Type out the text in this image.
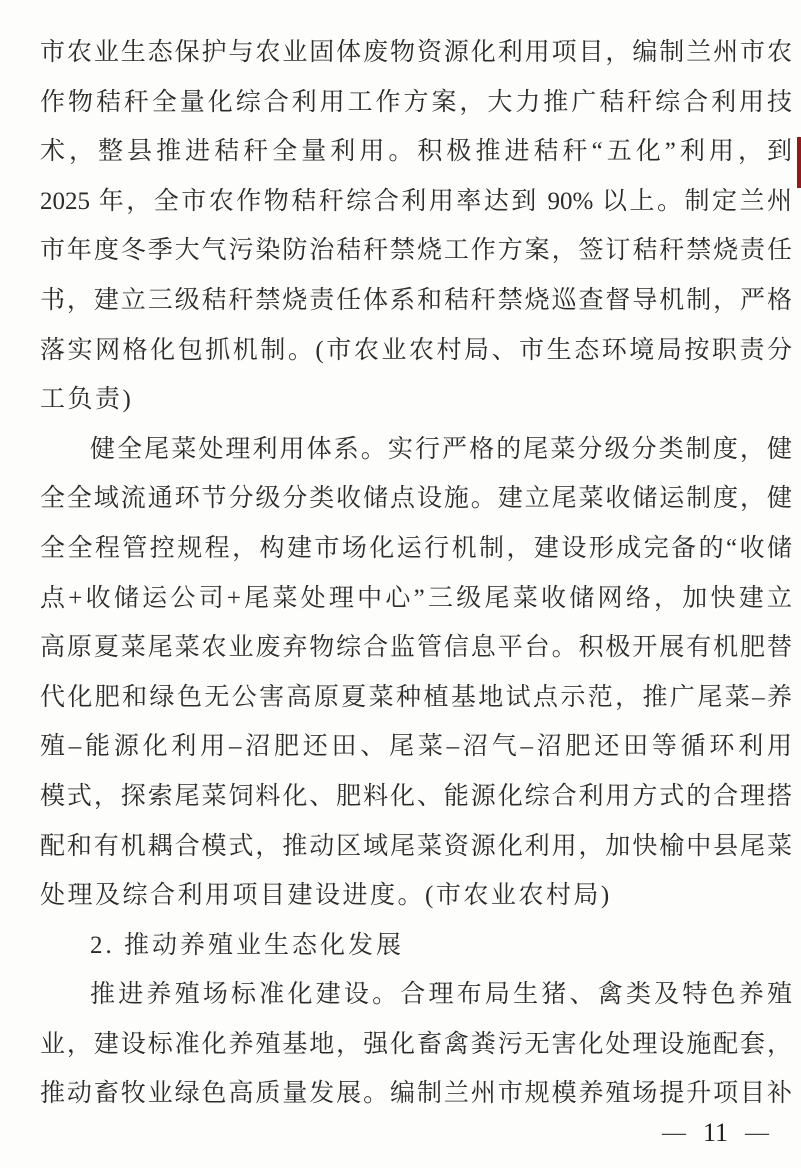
市农业生态保护与农业固体废物资源化利用项目，编制兰州市农
作物秸秆全量化综合利用工作方案，大力推广秸秆综合利用技
术，整县推进秸秆全量利用。积极推进秸秆“五化”利用，到
2025 年，全市农作物秸秆综合利用率达到 90% 以上。制定兰州
市年度冬季大气污染防治秸秆禁烧工作方案，签订秸秆禁烧责任
书，建立三级秸秆禁烧责任体系和秸秆禁烧巡查督导机制，严格
落实网格化包抓机制。(市农业农村局、市生态环境局按职责分
工负责)
健全尾菜处理利用体系。实行严格的尾菜分级分类制度，健
全全域流通环节分级分类收储点设施。建立尾菜收储运制度，健
全全程管控规程，构建市场化运行机制，建设形成完备的“收储
点+收储运公司+尾菜处理中心”三级尾菜收储网络，加快建立
高原夏菜尾菜农业废弃物综合监管信息平台。积极开展有机肥替
代化肥和绿色无公害高原夏菜种植基地试点示范，推广尾菜–养
殖–能源化利用–沼肥还田、尾菜–沼气–沼肥还田等循环利用
模式，探索尾菜饲料化、肥料化、能源化综合利用方式的合理搭
配和有机耦合模式，推动区域尾菜资源化利用，加快榆中县尾菜
处理及综合利用项目建设进度。(市农业农村局)
2. 推动养殖业生态化发展
推进养殖场标准化建设。合理布局生猪、禽类及特色养殖
业，建设标准化养殖基地，强化畜禽粪污无害化处理设施配套，
推动畜牧业绿色高质量发展。编制兰州市规模养殖场提升项目补
— 11 —
